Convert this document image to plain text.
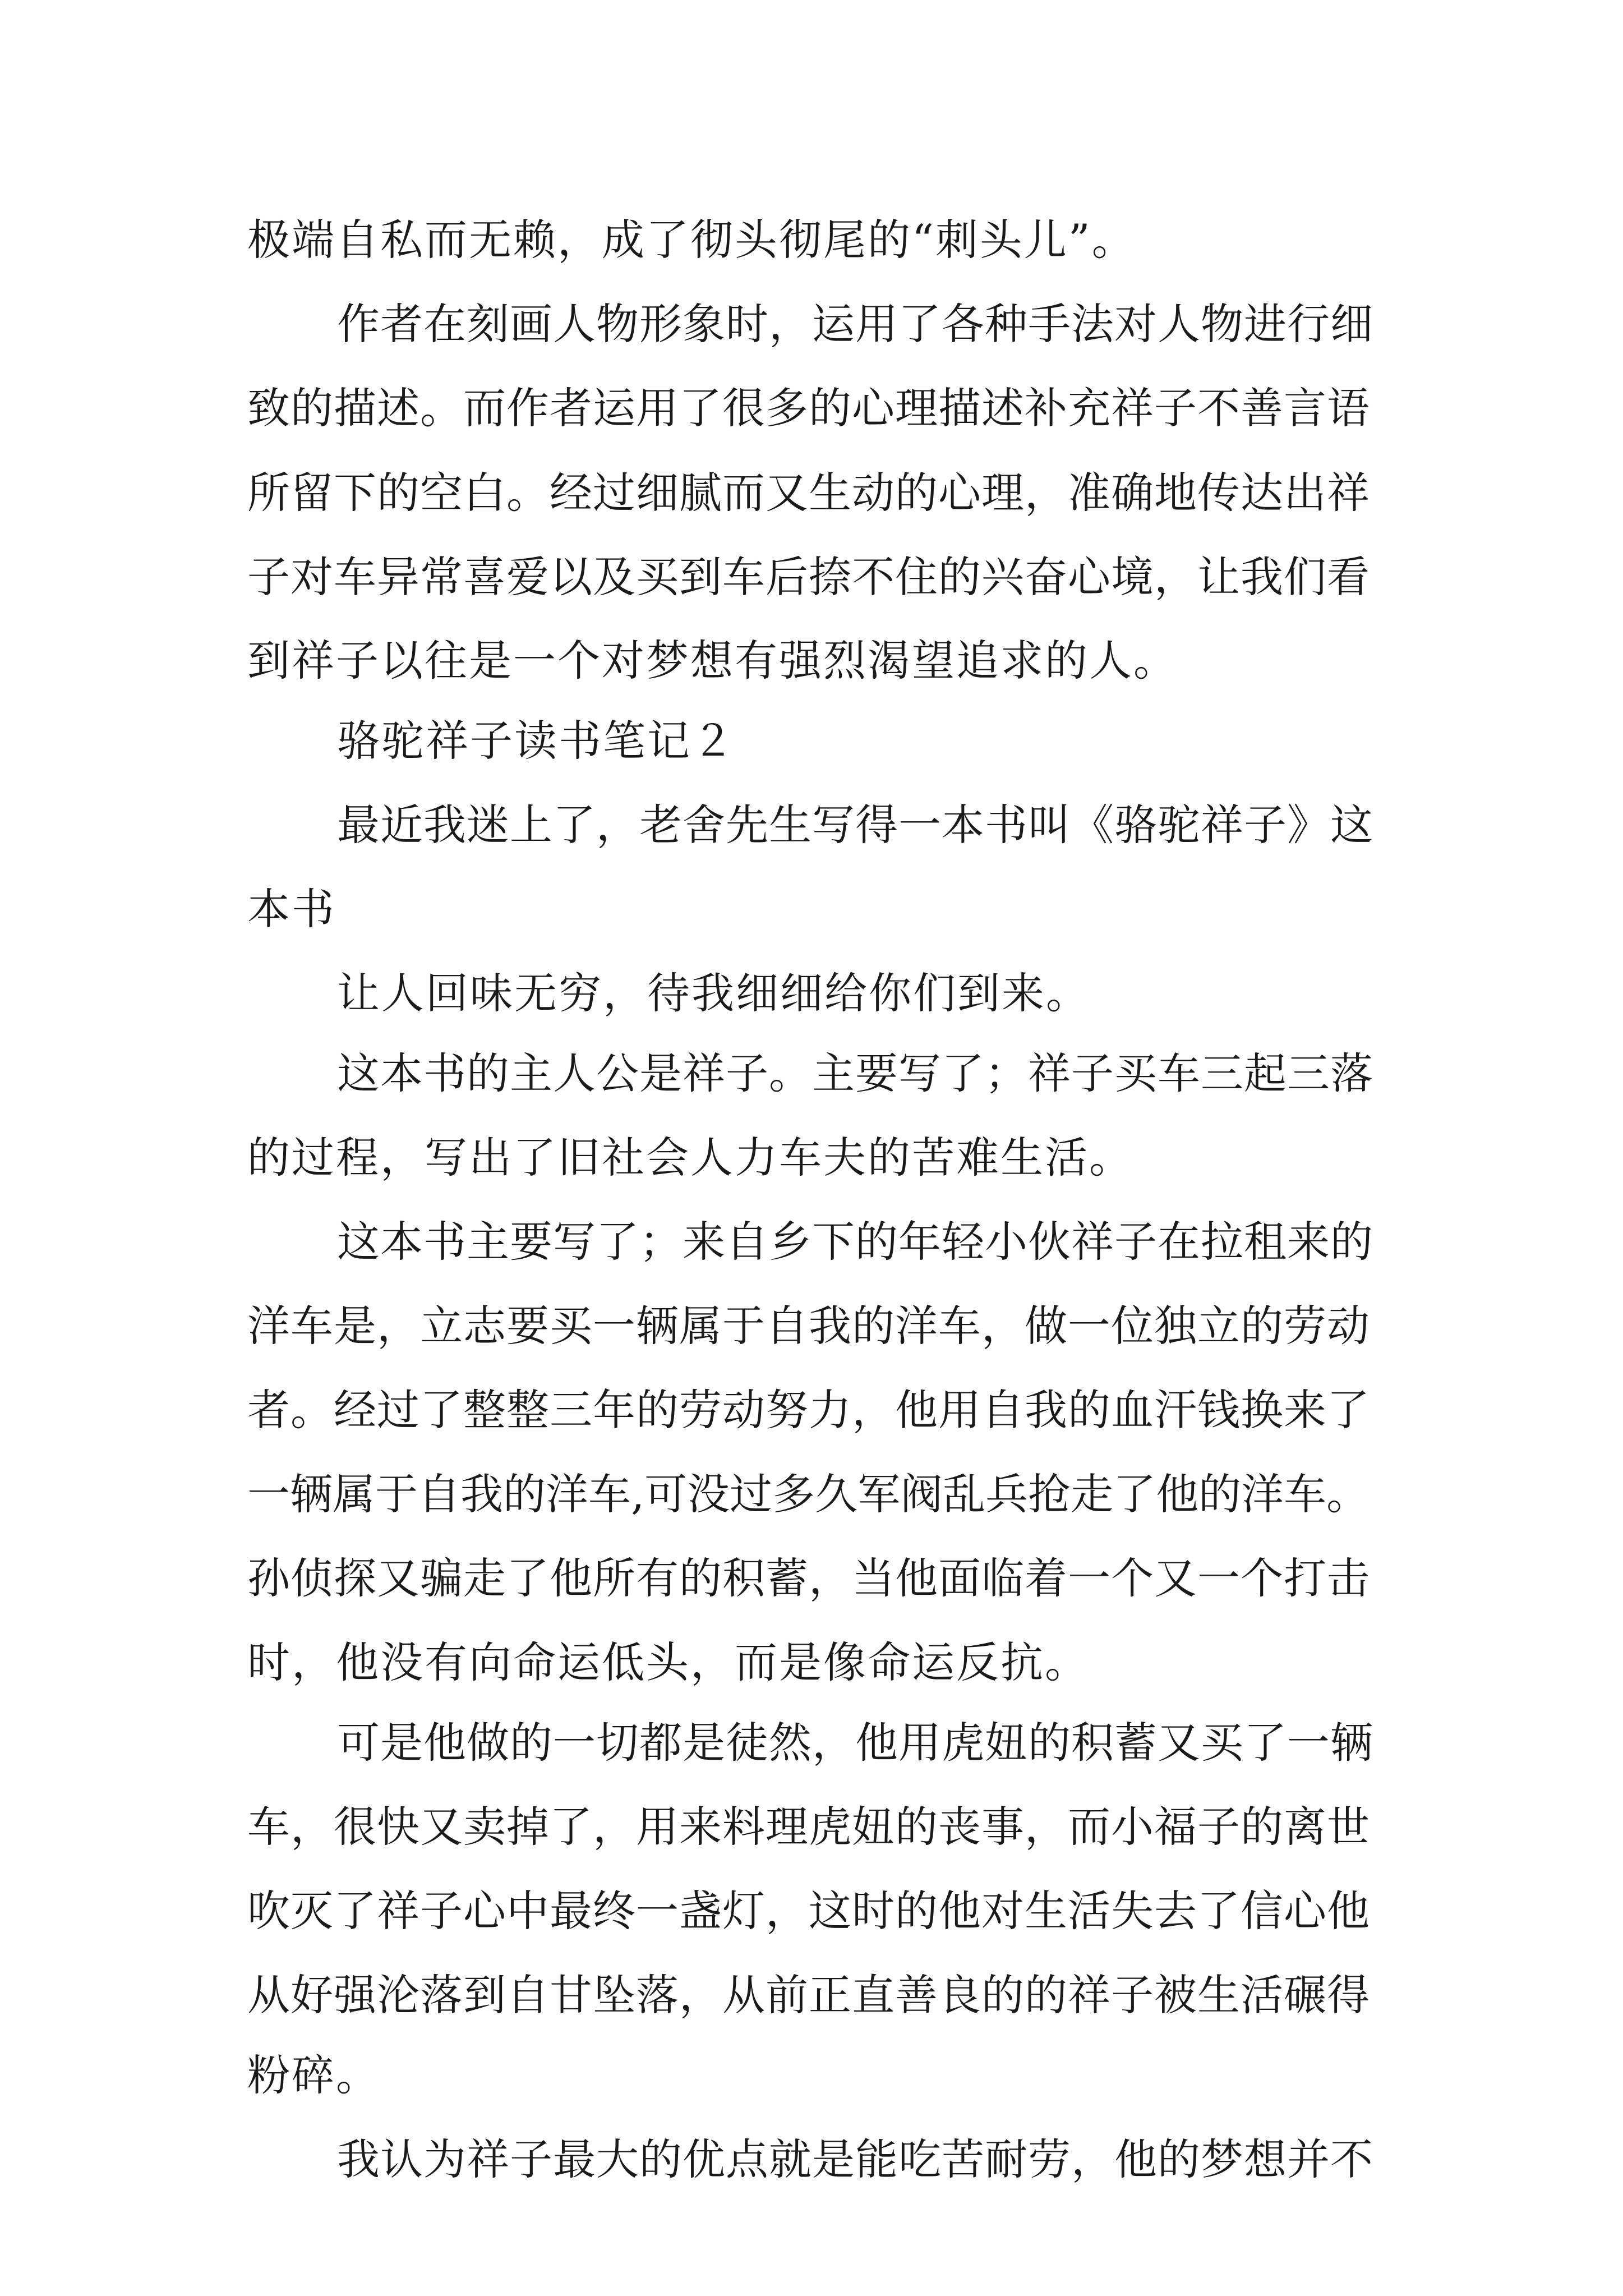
极端自私而无赖，成了彻头彻尾的“刺头儿”。

作者在刻画人物形象时，运用了各种手法对人物进行细

致的描述。而作者运用了很多的心理描述补充祥子不善言语

所留下的空白。经过细腻而又生动的心理，准确地传达出祥

子对车异常喜爱以及买到车后捺不住的兴奋心境，让我们看

到祥子以往是一个对梦想有强烈渴望追求的人。

骆驼祥子读书笔记２

最近我迷上了，老舍先生写得一本书叫《骆驼祥子》这

本书

让人回味无穷，待我细细给你们到来。

这本书的主人公是祥子。主要写了；祥子买车三起三落

的过程，写出了旧社会人力车夫的苦难生活。

这本书主要写了；来自乡下的年轻小伙祥子在拉租来的

洋车是，立志要买一辆属于自我的洋车，做一位独立的劳动

者。经过了整整三年的劳动努力，他用自我的血汗钱换来了

一辆属于自我的洋车,可没过多久军阀乱兵抢走了他的洋车。

孙侦探又骗走了他所有的积蓄，当他面临着一个又一个打击

时，他没有向命运低头，而是像命运反抗。

可是他做的一切都是徒然，他用虎妞的积蓄又买了一辆

车，很快又卖掉了，用来料理虎妞的丧事，而小福子的离世

吹灭了祥子心中最终一盏灯，这时的他对生活失去了信心他

从好强沦落到自甘坠落，从前正直善良的的祥子被生活碾得

粉碎。

我认为祥子最大的优点就是能吃苦耐劳，他的梦想并不
